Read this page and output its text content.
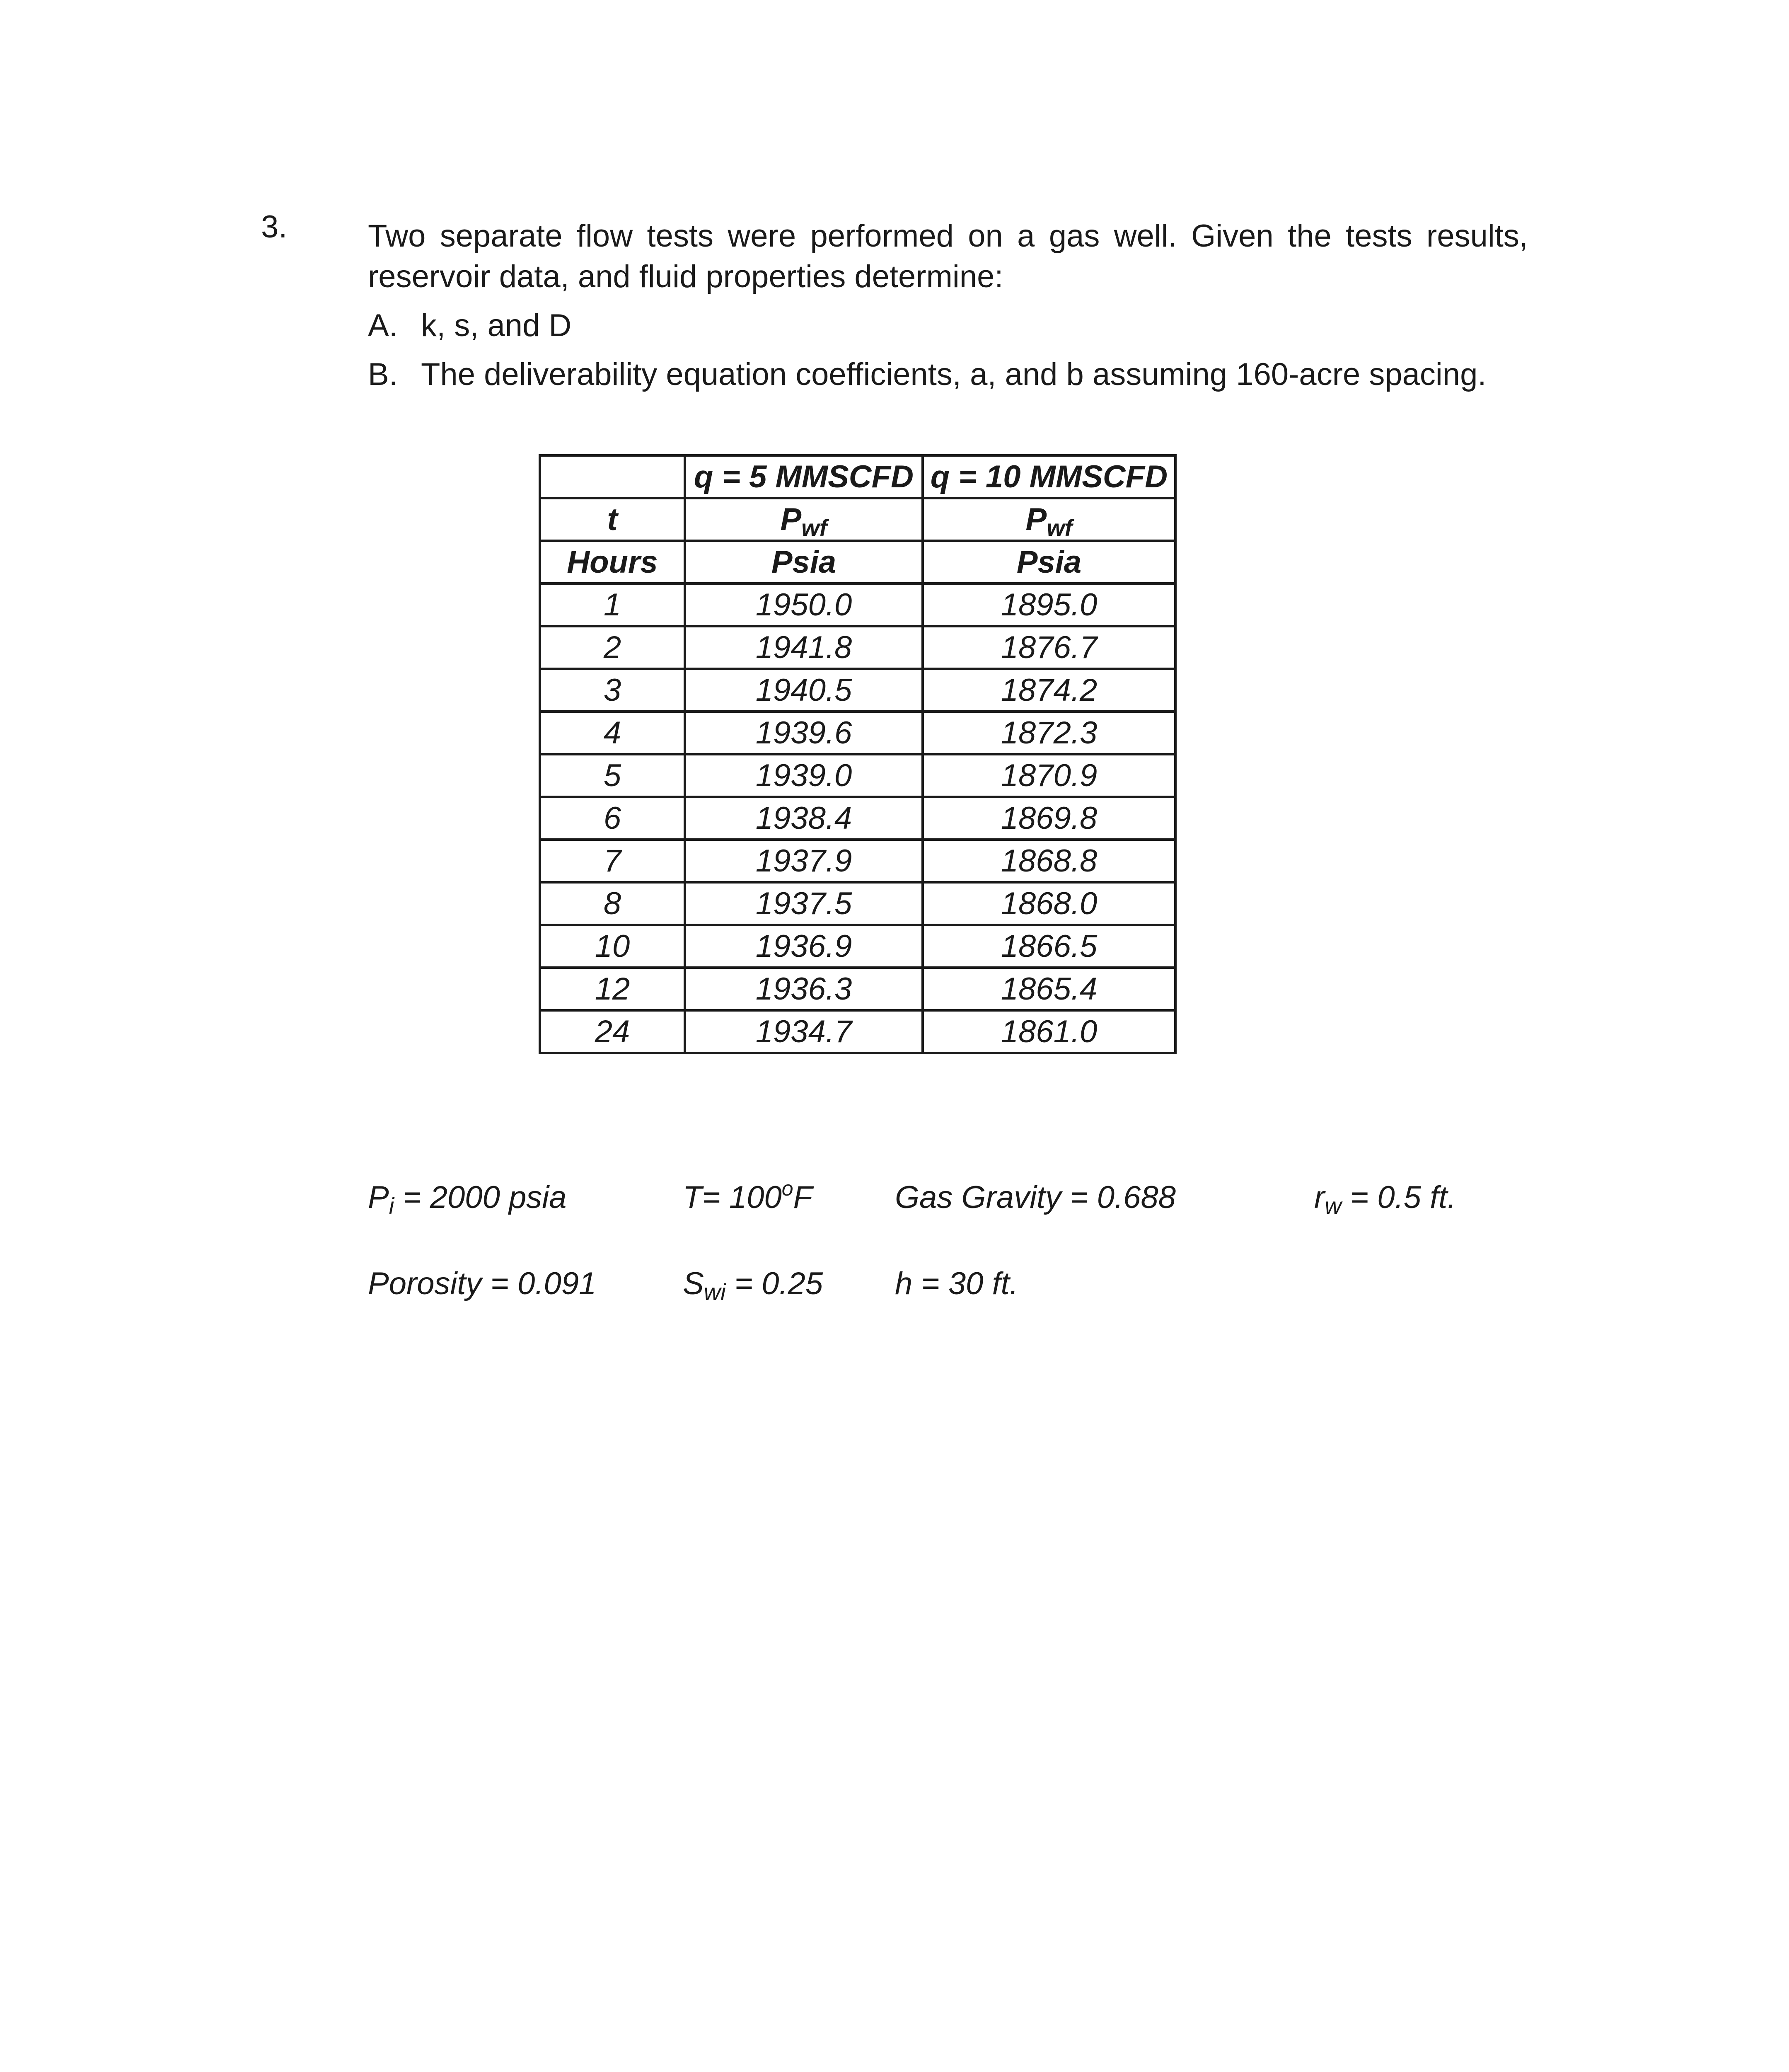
3.	Two separate flow tests were performed on a gas well. Given the tests results,

reservoir data, and fluid properties determine:
A. k, s, and D
B. The deliverability equation coefficients, a, and b assuming 160-acre spacing.
	q = 5 MMSCFD	q = 10 MMSCFD
t	$P_{wf}$	$P_{wf}$
Hours	Psia	Psia
1	1950.0	1895.0
2	1941.8	1876.7
3	1940.5	1874.2
4	1939.6	1872.3
5	1939.0	1870.9
6	1938.4	1869.8
7	1937.9	1868.8
8	1937.5	1868.0
10	1936.9	1866.5
12	1936.3	1865.4
24	1934.7	1861.0
$P_i = 2000$ psia	$T= 100^oF$	Gas Gravity = 0.688	$r_w = 0.5$ ft.
Porosity = 0.091	$S_{wi} = 0.25$ h = 30 ft.
